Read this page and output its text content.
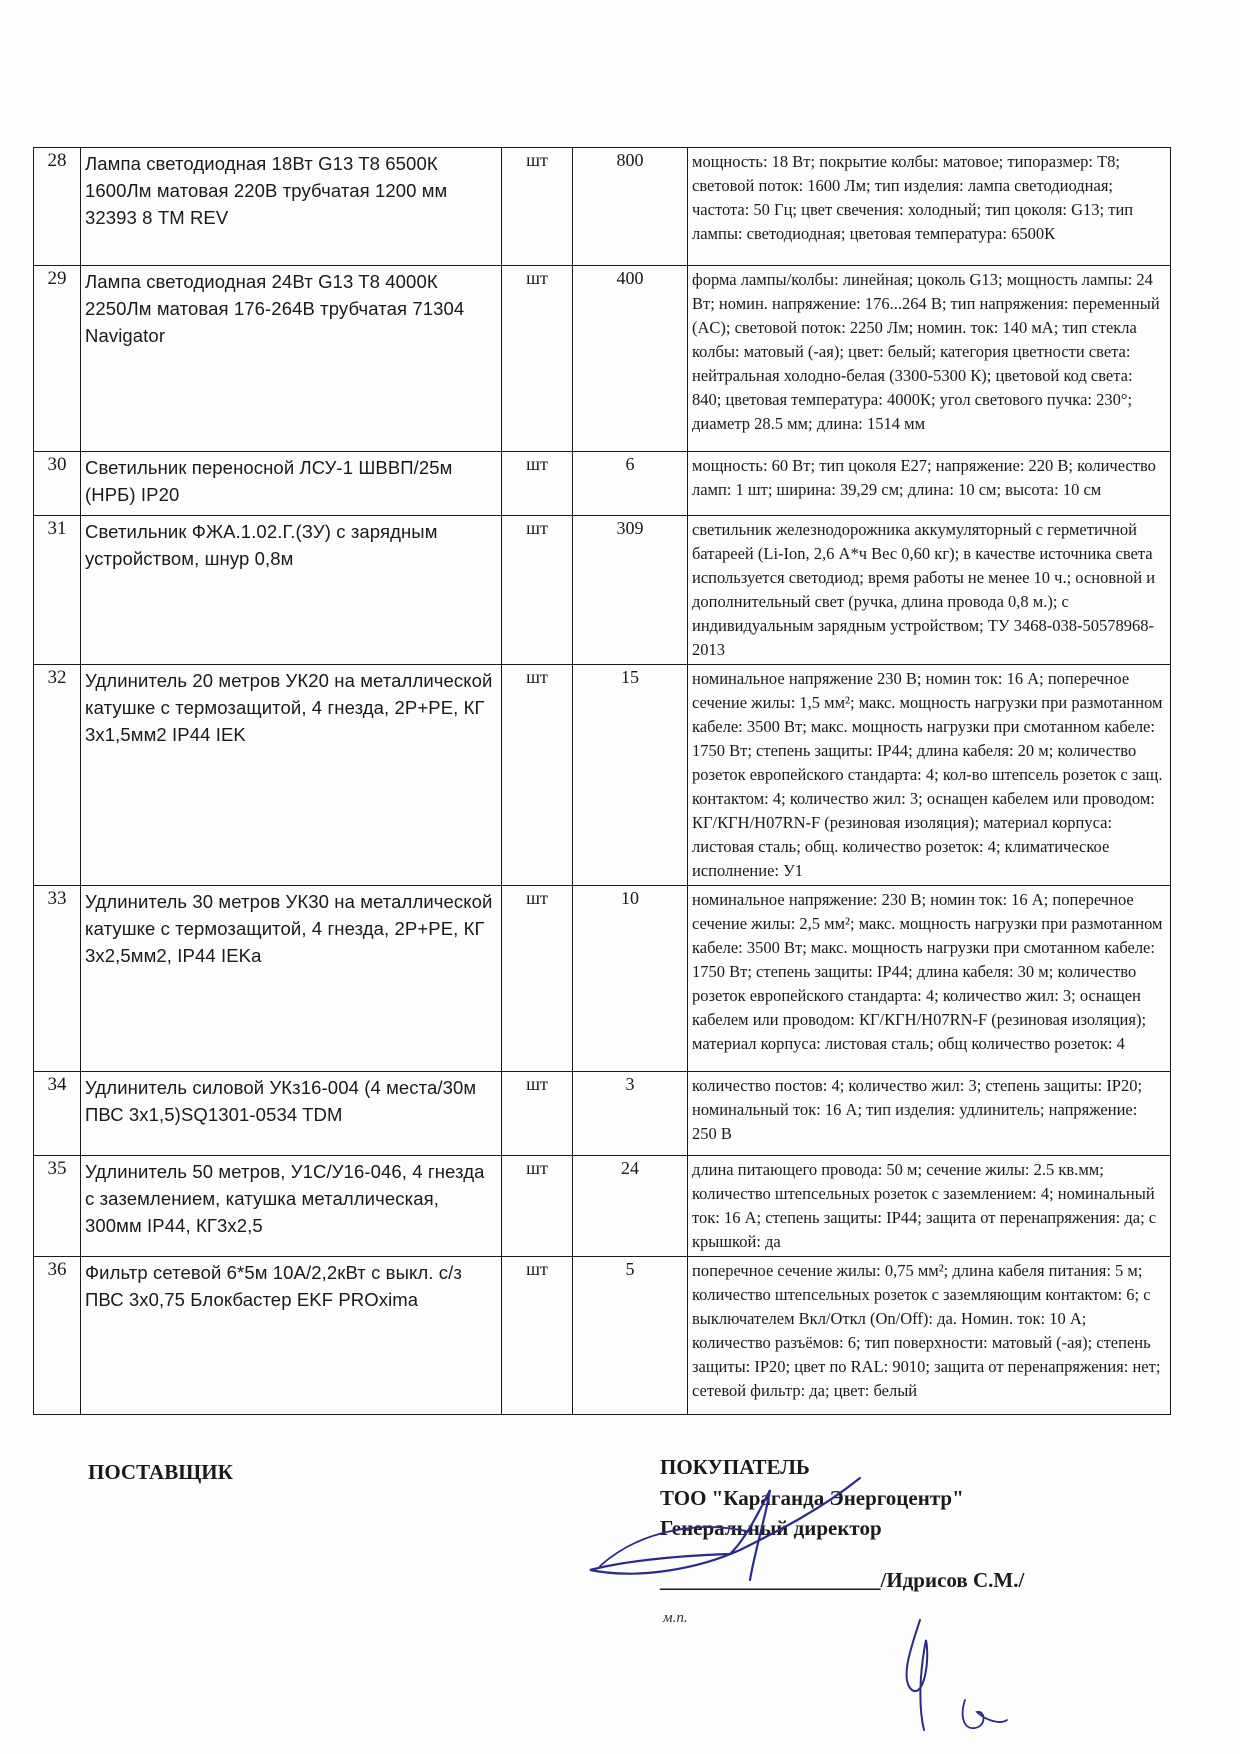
28	Лампа светодиодная 18Вт G13 T8 6500К 1600Лм матовая 220В трубчатая 1200 мм 32393 8 TM REV	шт	800	мощность: 18 Вт; покрытие колбы: матовое; типоразмер: T8; световой поток: 1600 Лм; тип изделия: лампа светодиодная; частота: 50 Гц; цвет свечения: холодный; тип цоколя: G13; тип лампы: светодиодная; цветовая температура: 6500К
29	Лампа светодиодная 24Вт G13 T8 4000К 2250Лм матовая 176-264В трубчатая 71304 Navigator	шт	400	форма лампы/колбы: линейная; цоколь G13; мощность лампы: 24 Вт; номин. напряжение: 176...264 В; тип напряжения: переменный (AC); световой поток: 2250 Лм; номин. ток: 140 мА; тип стекла колбы: матовый (-ая); цвет: белый; категория цветности света: нейтральная холодно-белая (3300-5300 К); цветовой код света: 840; цветовая температура: 4000К; угол светового пучка: 230°; диаметр 28.5 мм; длина: 1514 мм
30	Светильник переносной ЛСУ-1 ШВВП/25м (НРБ) IP20	шт	6	мощность: 60 Вт; тип цоколя E27; напряжение: 220 В; количество ламп: 1 шт; ширина: 39,29 см; длина: 10 см; высота: 10 см
31	Светильник ФЖА.1.02.Г.(ЗУ) с зарядным устройством, шнур 0,8м	шт	309	светильник железнодорожника аккумуляторный с герметичной батареей (Li-Ion, 2,6 А*ч Вес 0,60 кг); в качестве источника света используется светодиод; время работы не менее 10 ч.; основной и дополнительный свет (ручка, длина провода 0,8 м.); с индивидуальным зарядным устройством; ТУ 3468-038-50578968-2013
32	Удлинитель 20 метров УК20 на металлической катушке с термозащитой, 4 гнезда, 2Р+РЕ, КГ 3х1,5мм2 IP44 IEK	шт	15	номинальное напряжение 230 В; номин ток: 16 А; поперечное сечение жилы: 1,5 мм²; макс. мощность нагрузки при размотанном кабеле: 3500 Вт; макс. мощность нагрузки при смотанном кабеле: 1750 Вт; степень защиты: IP44; длина кабеля: 20 м; количество розеток европейского стандарта: 4; кол-во штепсель розеток с защ. контактом: 4; количество жил: 3; оснащен кабелем или проводом: КГ/КГН/H07RN-F (резиновая изоляция); материал корпуса: листовая сталь; общ. количество розеток: 4; климатическое исполнение: У1
33	Удлинитель 30 метров УК30 на металлической катушке с термозащитой, 4 гнезда, 2Р+РЕ, КГ 3х2,5мм2, IP44 IEKа	шт	10	номинальное напряжение: 230 В; номин ток: 16 А; поперечное сечение жилы: 2,5 мм²; макс. мощность нагрузки при размотанном кабеле: 3500 Вт; макс. мощность нагрузки при смотанном кабеле: 1750 Вт; степень защиты: IP44; длина кабеля: 30 м; количество розеток европейского стандарта: 4; количество жил: 3; оснащен кабелем или проводом: КГ/КГН/H07RN-F (резиновая изоляция); материал корпуса: листовая сталь; общ количество розеток: 4
34	Удлинитель силовой УКз16-004 (4 места/30м ПВС 3х1,5)SQ1301-0534 TDM	шт	3	количество постов: 4; количество жил: 3; степень защиты: IP20; номинальный ток: 16 А; тип изделия: удлинитель; напряжение: 250 В
35	Удлинитель 50 метров, У1С/У16-046, 4 гнезда с заземлением, катушка металлическая, 300мм IP44, КГ3х2,5	шт	24	длина питающего провода: 50 м; сечение жилы: 2.5 кв.мм; количество штепсельных розеток с заземлением: 4; номинальный ток: 16 А; степень защиты: IP44; защита от перенапряжения: да; с крышкой: да
36	Фильтр сетевой 6*5м 10А/2,2кВт с выкл. с/з ПВС 3х0,75 Блокбастер EKF PROxima	шт	5	поперечное сечение жилы: 0,75 мм²; длина кабеля питания: 5 м; количество штепсельных розеток с заземляющим контактом: 6; с выключателем Вкл/Откл (On/Off): да. Номин. ток: 10 А; количество разъёмов: 6; тип поверхности: матовый (-ая); степень защиты: IP20; цвет по RAL: 9010; защита от перенапряжения: нет; сетевой фильтр: да; цвет: белый
ПОСТАВЩИК	ПОКУПАТЕЛЬ
ТОО "Караганда Энергоцентр"
Генеральный директор
_____________________/Идрисов С.М./
м.п.
